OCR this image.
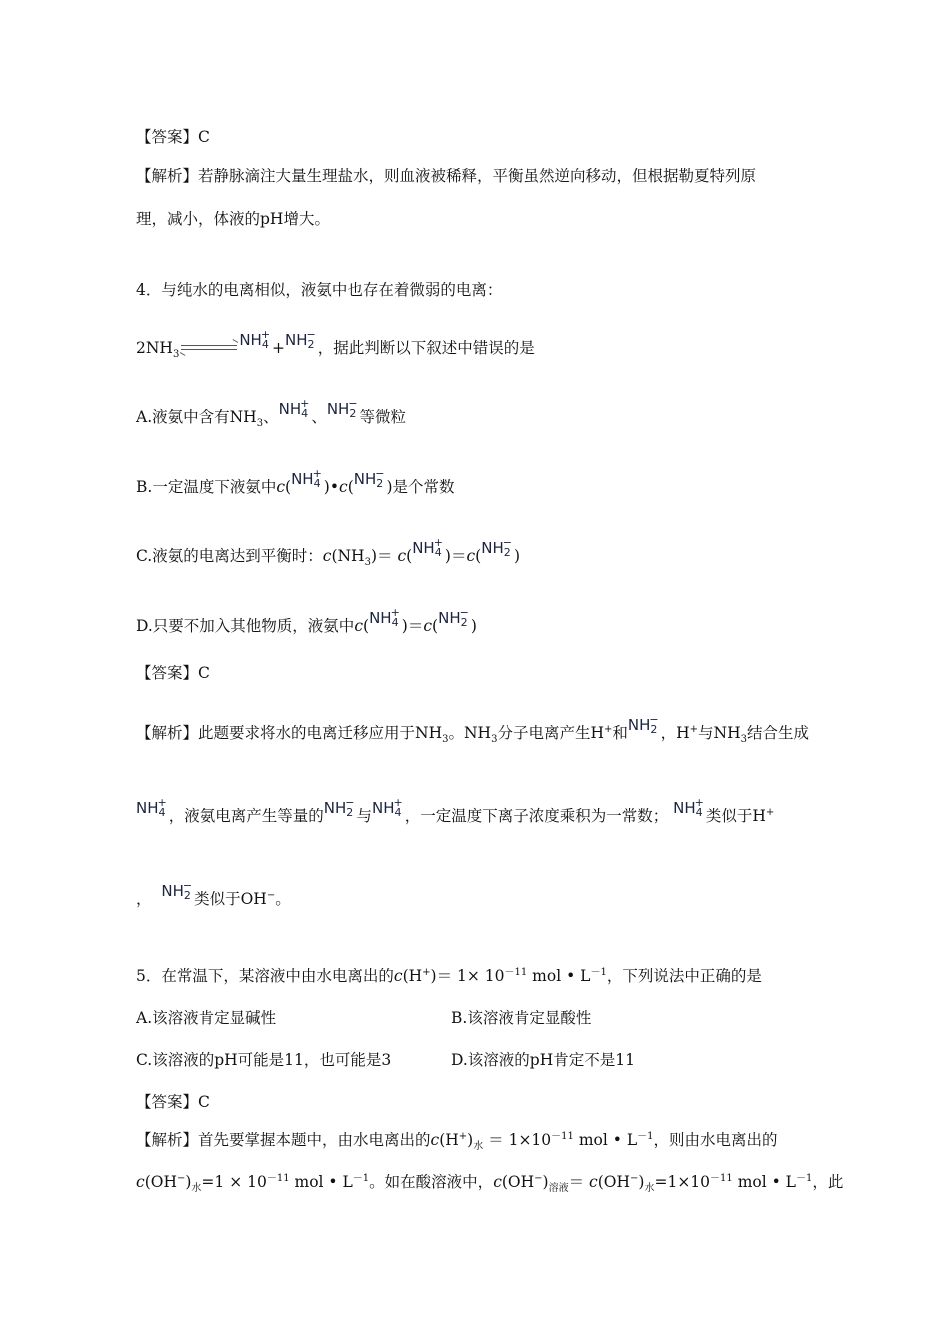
【答案】C
【解析】若静脉滴注大量生理盐水，则血液被稀释，平衡虽然逆向移动，但根据勒夏特列原
理，减小，体液的pH增大。
4．与纯水的电离相似，液氨中也存在着微弱的电离：
$2NH_3$
$NH_4^++NH_2^-$，据此判断以下叙述中错误的是
A.液氨中含有$NH_3$、$NH_4^+$、$NH_2^-$等微粒
B.一定温度下液氨中$c(NH_4^+)•c(NH_2^-)$是个常数
C.液氨的电离达到平衡时：$c(NH_3)= c(NH_4^+)=c(NH_2^-)$
D.只要不加入其他物质，液氨中$c(NH_4^+)=c(NH_2^-)$
【答案】C
【解析】此题要求将水的电离迁移应用于$NH_3$。$NH_3$分子电离产生H+和$NH_2^-$，H+与$NH_3$结合生成
$NH_4^+$，液氨电离产生等量的$NH_2^-$与$NH_4^+$，一定温度下离子浓度乘积为一常数； $NH_4^+$类似于H+
， $NH_2^-$类似于OH−。
5．在常温下，某溶液中由水电离出的$c(H^+)= 1\times 10^{-11}$ mol • $L^{-1}$，下列说法中正确的是
A.该溶液肯定显碱性	B.该溶液肯定显酸性
C.该溶液的pH可能是11，也可能是3	D.该溶液的pH肯定不是11
【答案】C
【解析】首先要掌握本题中，由水电离出的$c(H^+)_水 = 1\times 10^{-11}$ mol • $L^{-1}$，则由水电离出的
$c(OH^-)_水=1 \times 10^{-11}$ mol • $L^{-1}$。如在酸溶液中，$c(OH^-)_{溶液}= c(OH^-)_水=1\times 10^{-11}$ mol • $L^{-1}$，此
